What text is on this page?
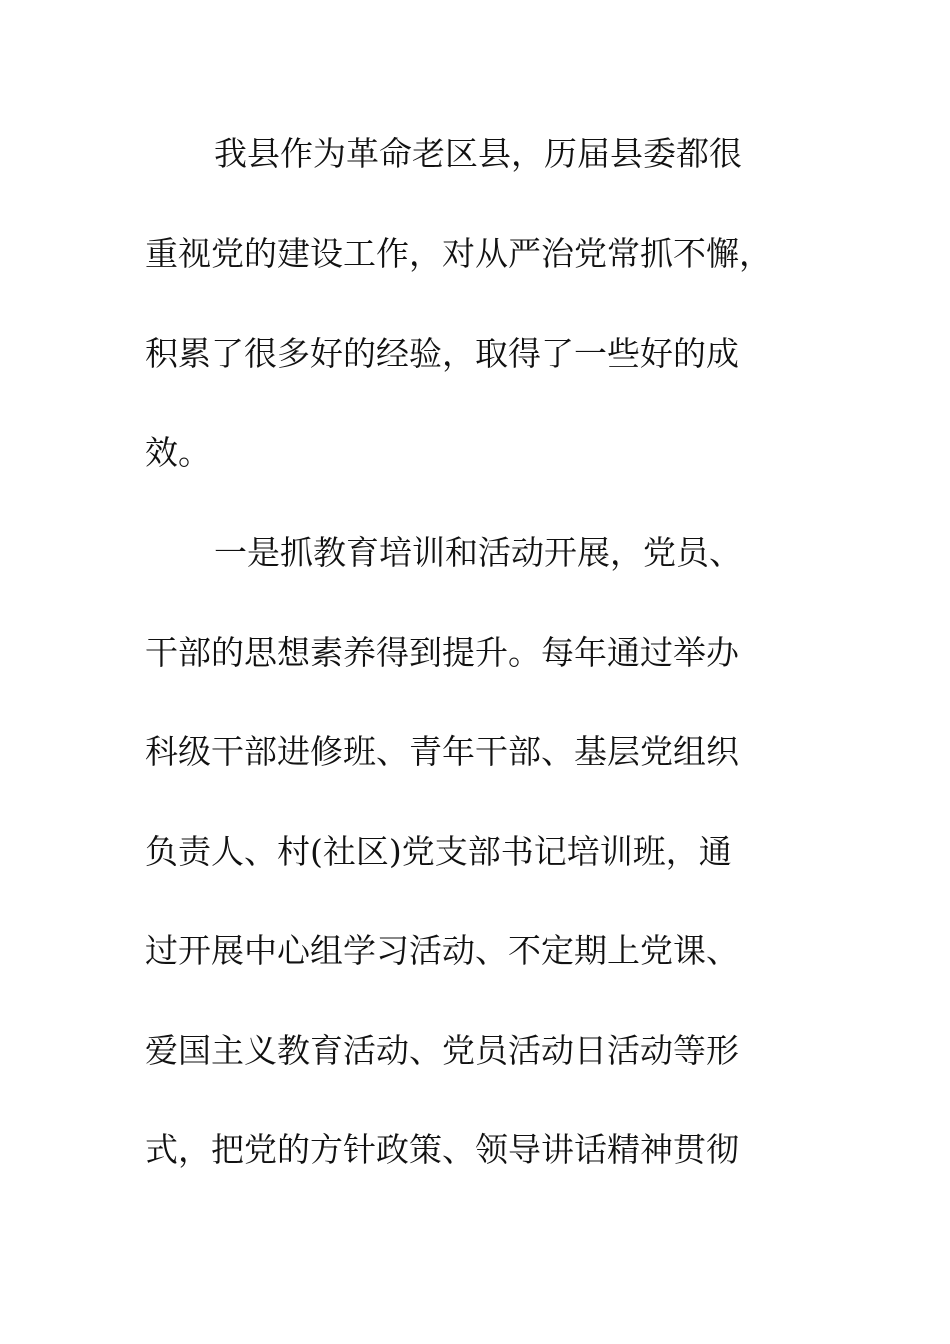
我县作为革命老区县，历届县委都很
重视党的建设工作，对从严治党常抓不懈，
积累了很多好的经验，取得了一些好的成
效。
一是抓教育培训和活动开展，党员、
干部的思想素养得到提升。每年通过举办
科级干部进修班、青年干部、基层党组织
负责人、村(社区)党支部书记培训班，通
过开展中心组学习活动、不定期上党课、
爱国主义教育活动、党员活动日活动等形
式，把党的方针政策、领导讲话精神贯彻
